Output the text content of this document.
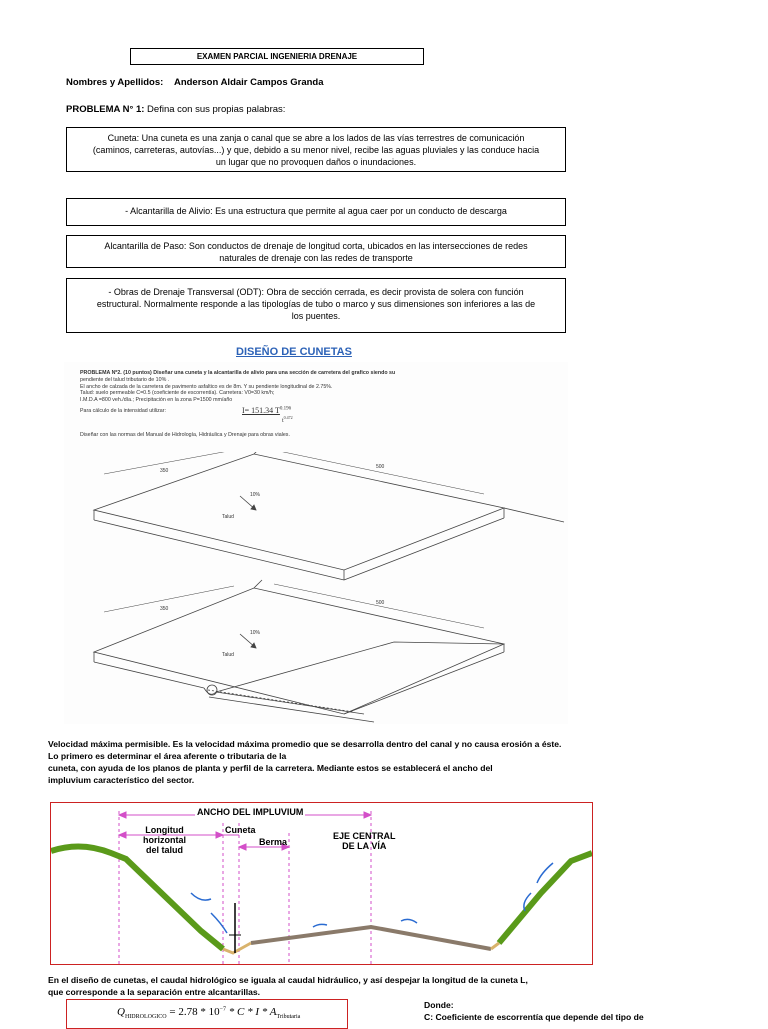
EXAMEN PARCIAL INGENIERIA DRENAJE
Nombres y Apellidos: Anderson Aldair Campos Granda
PROBLEMA N° 1: Defina con sus propias palabras:
Cuneta: Una cuneta es una zanja o canal que se abre a los lados de las vías terrestres de comunicación
(caminos, carreteras, autovías...) y que, debido a su menor nivel, recibe las aguas pluviales y las conduce hacia
un lugar que no provoquen daños o inundaciones.
- Alcantarilla de Alivio: Es una estructura que permite al agua caer por un conducto de descarga
Alcantarilla de Paso: Son conductos de drenaje de longitud corta, ubicados en las intersecciones de redes
naturales de drenaje con las redes de transporte
- Obras de Drenaje Transversal (ODT): Obra de sección cerrada, es decir provista de solera con función
estructural. Normalmente responde a las tipologías de tubo o marco y sus dimensiones son inferiores a las de
los puentes.
DISEÑO DE CUNETAS
PROBLEMA Nº2. (10 puntos) Diseñar una cuneta y la alcantarilla de alivio para una sección de carretera del grafico siendo su
pendiente del talud tributario de 10% .
El ancho de calzada de la carretera de pavimento asfaltico es de 8m. Y su pendiente longitudinal de 2.75%.
Talud: suelo permeable C=0.5 (coeficiente de escorrentía). Carretera: V0=30 km/h;
I.M.D.A =800 veh./día.; Precipitación en la zona P=1500 mm/año
Para cálculo de la intensidad utilizar:	I= 151.34 $T^{0.196}$
$t^{0.472}$
Diseñar con las normas del Manual de Hidrología, Hidráulica y Drenaje para obras viales.
350
500
10%
Talud
350
500
10%
Talud
Velocidad máxima permisible. Es la velocidad máxima promedio que se desarrolla dentro del canal y no causa erosión a éste.
Lo primero es determinar el área aferente o tributaria de la
cuneta, con ayuda de los planos de planta y perfil de la carretera. Mediante estos se establecerá el ancho del
impluvium característico del sector.
ANCHO DEL IMPLUVIUM
Longitud
horizontal
del talud
Cuneta
Berma
EJE CENTRAL
DE LA VÍA
En el diseño de cunetas, el caudal hidrológico se iguala al caudal hidráulico, y así despejar la longitud de la cuneta L,
que corresponde a la separación entre alcantarillas.
$Q_{HIDROLOGICO} = 2.78 * 10^{-7} * C * I * A_{Tributaria}$
Donde:
C: Coeficiente de escorrentía que depende del tipo de
